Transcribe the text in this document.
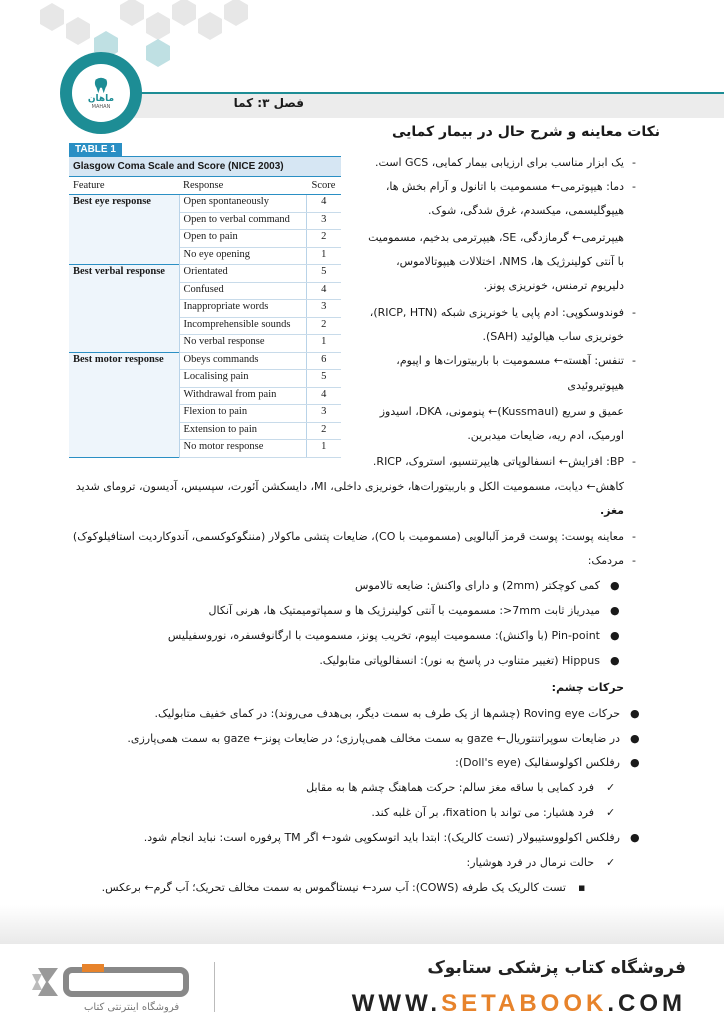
فصل ۳: کما
ماهان
MAHAN
نکات معاینه و شرح حال در بیمار کمایی
TABLE 1
Glasgow Coma Scale and Score (NICE 2003)
Feature	Response	Score
Best eye response	Open spontaneously	4
	Open to verbal command	3
	Open to pain	2
	No eye opening	1
Best verbal response	Orientated	5
	Confused	4
	Inappropriate words	3
	Incomprehensible sounds	2
	No verbal response	1
Best motor response	Obeys commands	6
	Localising pain	5
	Withdrawal from pain	4
	Flexion to pain	3
	Extension to pain	2
	No motor response	1
-
یک ابزار مناسب برای ارزیابی بیمار کمایی، GCS است.
-
دما: هیپوترمی← مسمومیت با اتانول و آرام بخش ها،
هیپوگلیسمی، میکسدم، غرق شدگی، شوک.
هیپرترمی← گرمازدگی، SE، هیپرترمی بدخیم، مسمومیت
با آنتی کولینرژیک ها، NMS، اختلالات هیپوتالاموس،
دلیریوم ترمنس، خونریزی پونز.
-
فوندوسکوپی: ادم پاپی یا خونریزی شبکه (RICP, HTN)،
خونریزی ساب هیالوئید (SAH).
-
تنفس: آهسته← مسمومیت با باربیتورات‌ها و اپیوم،
هیپوتیروئیدی
عمیق و سریع (Kussmaul)← پنومونی، DKA، اسیدوز
اورمیک، ادم ریه، ضایعات میدبرین.
-
BP: افزایش← انسفالوپاتی هایپرتنسیو، استروک، RICP.
کاهش← دیابت، مسمومیت الکل و باربیتورات‌ها، خونریزی داخلی، MI، دایسکشن آئورت، سپسیس، آدیسون، ترومای شدید
مغز.
-
معاینه پوست: پوست قرمز آلبالویی (مسمومیت با CO)، ضایعات پتشی ماکولار (مننگوکوکسمی، آندوکاردیت استافیلوکوک)
-
مردمک:
●
کمی کوچکتر (2mm) و دارای واکنش: ضایعه تالاموس
●
میدریاز ثابت 7mm<: مسمومیت با آنتی کولینرژیک ها و سمپاتومیمتیک ها، هرنی آنکال
●
Pin-point (با واکنش): مسمومیت اپیوم، تخریب پونز، مسمومیت با ارگانوفسفره، نوروسفیلیس
●
Hippus (تغییر متناوب در پاسخ به نور): انسفالوپاتی متابولیک.
حرکات چشم:
●
حرکات Roving eye (چشم‌ها از یک طرف به سمت دیگر، بی‌هدف می‌روند): در کمای خفیف متابولیک.
●
در ضایعات سوپراتنتوریال← gaze به سمت مخالف همی‌پارزی؛ در ضایعات پونز← gaze به سمت همی‌پارزی.
●
رفلکس اکولوسفالیک (Doll's eye):
✓
فرد کمایی با ساقه مغز سالم: حرکت هماهنگ چشم ها به مقابل
✓
فرد هشیار: می تواند با fixation، بر آن غلبه کند.
●
رفلکس اکولووستیبولار (تست کالریک): ابتدا باید اتوسکوپی شود← اگر TM پرفوره است: نباید انجام شود.
✓
حالت نرمال در فرد هوشیار:
▪
تست کالریک یک طرفه (COWS): آب سرد← نیستاگموس به سمت مخالف تحریک؛ آب گرم← برعکس.
فروشگاه اینترنتی کتاب
فروشگاه کتاب پزشکی ستابوک
WWW.SETABOOK.COM
